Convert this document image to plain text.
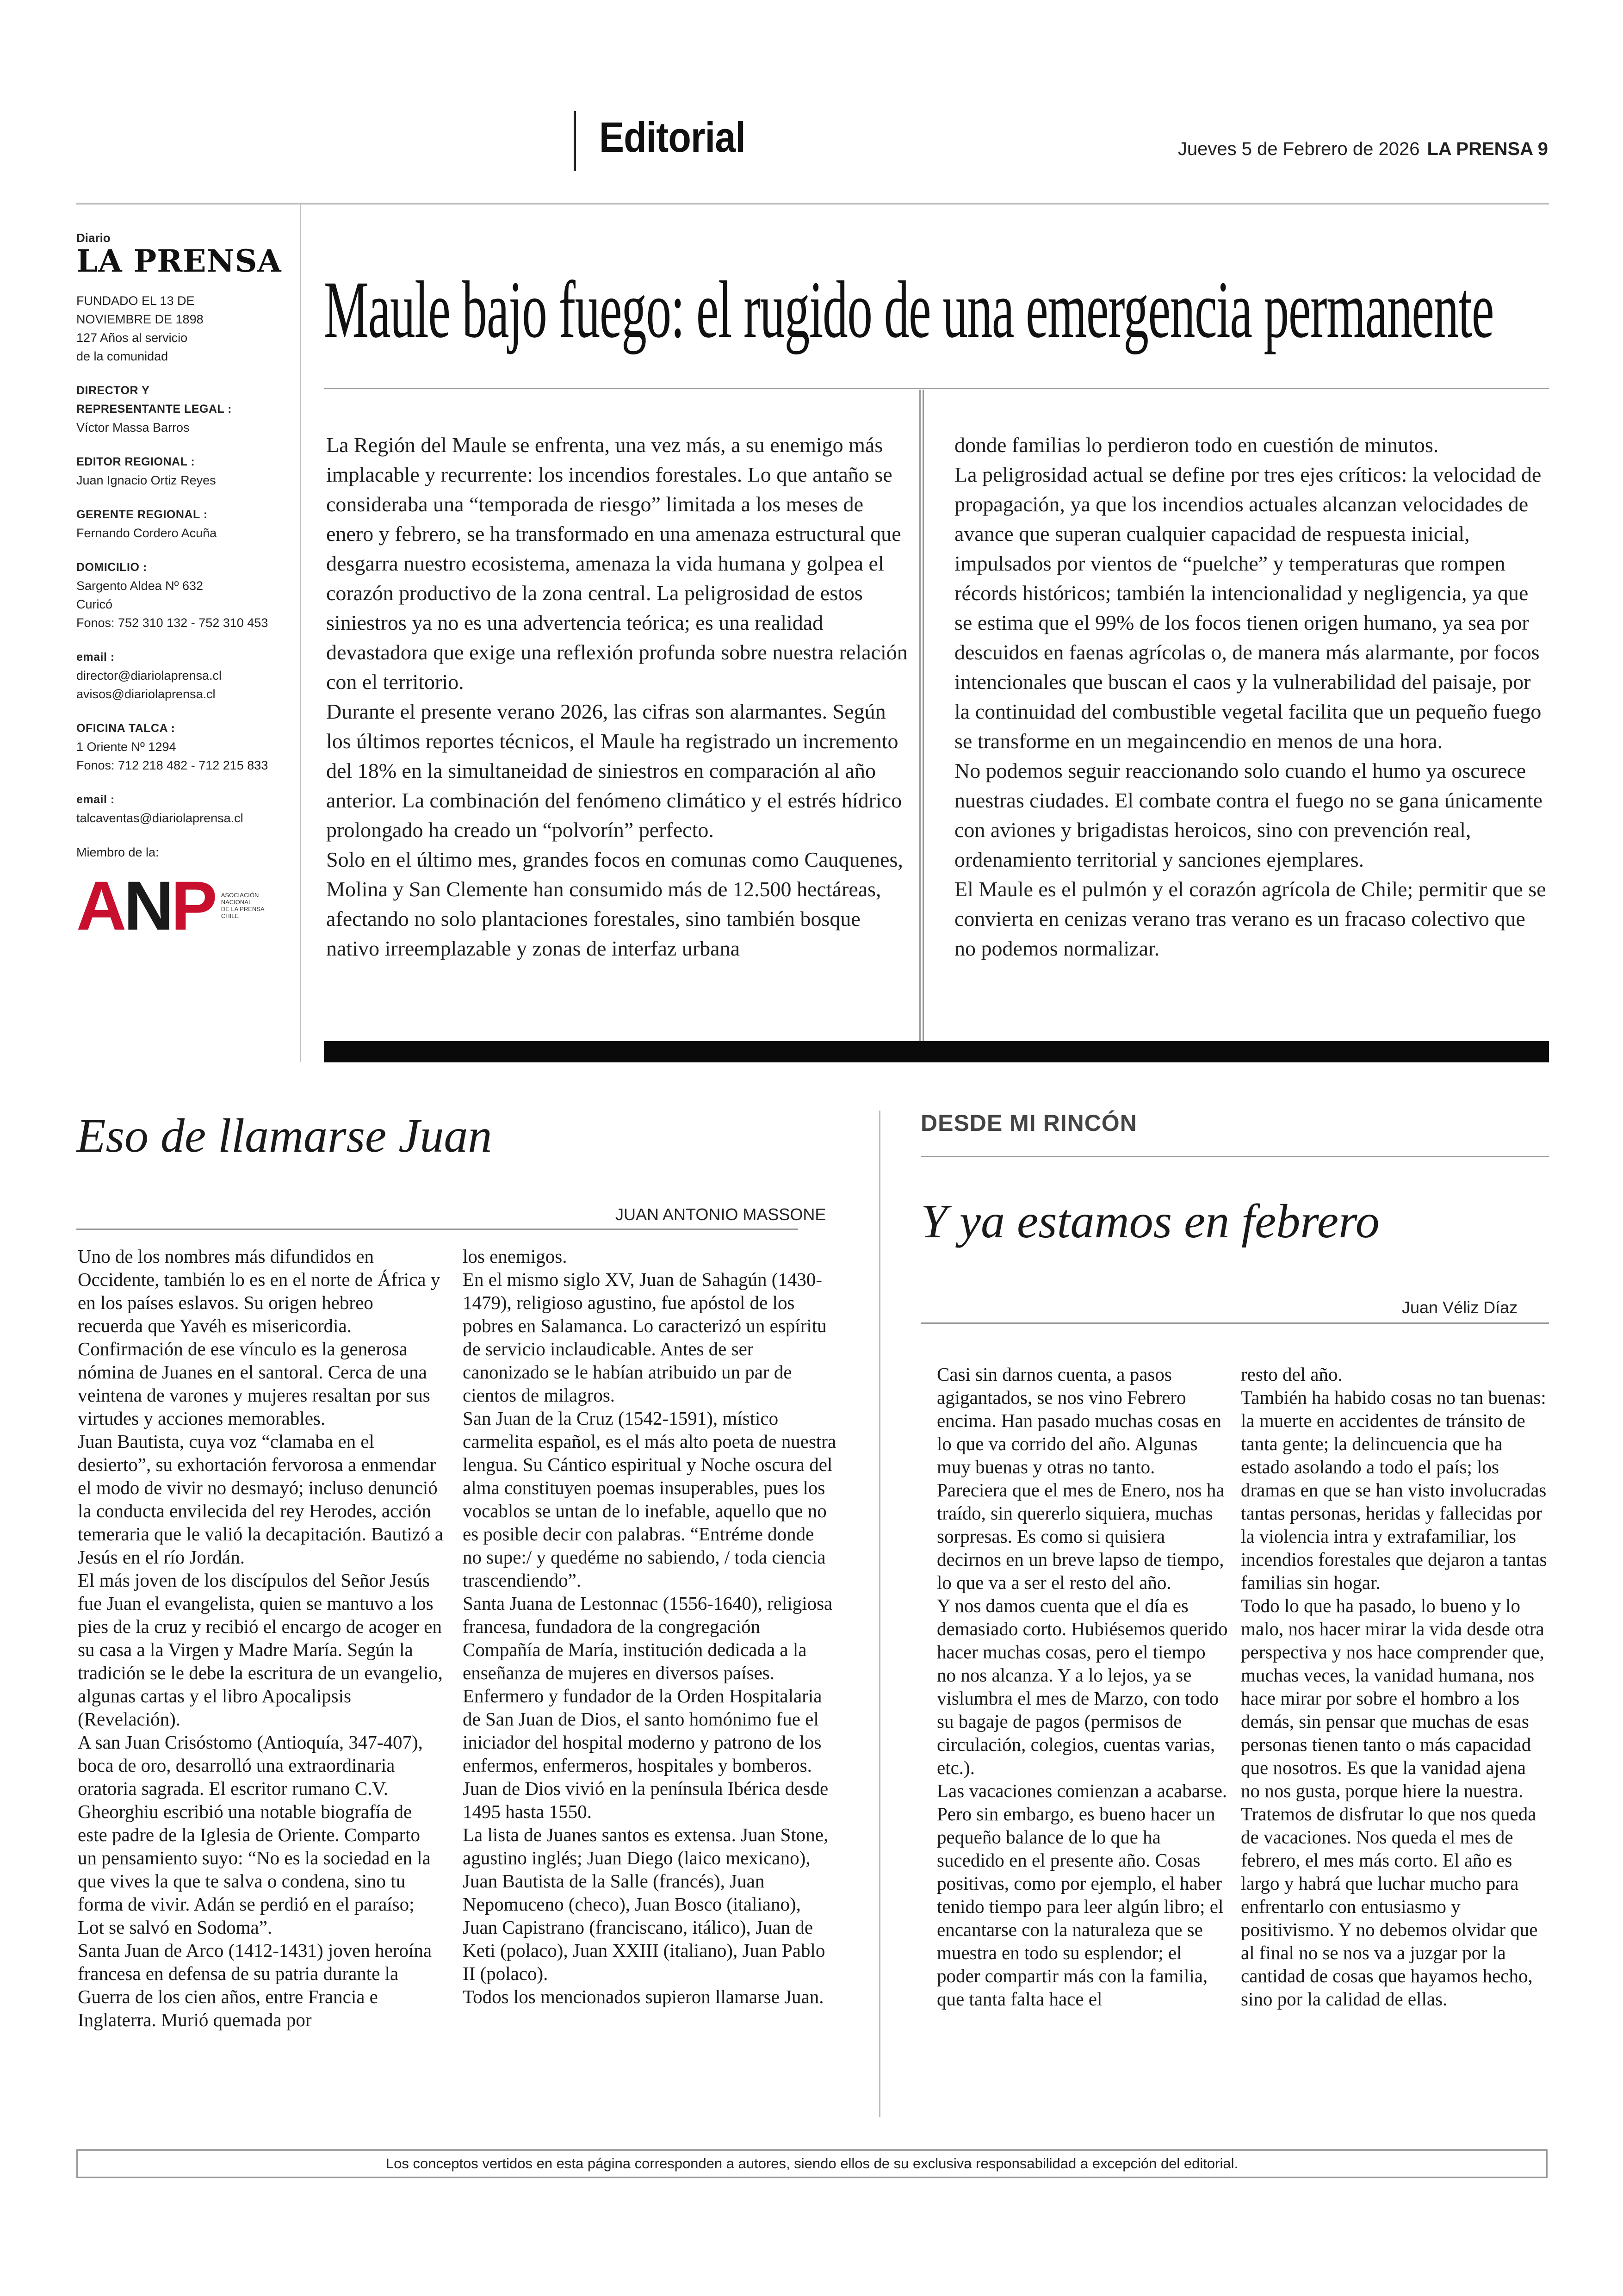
Editorial	Jueves 5 de Febrero de 2026 LA PRENSA 9
Diario
LA PRENSA
FUNDADO EL 13 DE
NOVIEMBRE DE 1898
127 Años al servicio
de la comunidad
DIRECTOR Y
REPRESENTANTE LEGAL :
Víctor Massa Barros
EDITOR REGIONAL :
Juan Ignacio Ortiz Reyes
GERENTE REGIONAL :
Fernando Cordero Acuña
DOMICILIO :
Sargento Aldea Nº 632
Curicó
Fonos: 752 310 132 - 752 310 453
email :
director@diariolaprensa.cl
avisos@diariolaprensa.cl
OFICINA TALCA :
1 Oriente Nº 1294
Fonos: 712 218 482 - 712 215 833
email :
talcaventas@diariolaprensa.cl
Miembro de la:
ANP ASOCIACIÓN
NACIONAL
DE LA PRENSA
CHILE
Maule bajo fuego: el rugido de una emergencia permanente

La Región del Maule se enfrenta, una vez más, a su enemigo más implacable y recurrente: los incendios forestales. Lo que antaño se consideraba una “temporada de riesgo” limitada a los meses de enero y febrero, se ha transformado en una amenaza estructural que desgarra nuestro ecosistema, amenaza la vida humana y golpea el corazón productivo de la zona central. La peligrosidad de estos siniestros ya no es una advertencia teórica; es una realidad devastadora que exige una reflexión profunda sobre nuestra relación con el territorio.

Durante el presente verano 2026, las cifras son alarmantes. Según los últimos reportes técnicos, el Maule ha registrado un incremento del 18% en la simultaneidad de siniestros en comparación al año anterior. La combinación del fenómeno climático y el estrés hídrico prolongado ha creado un “polvorín” perfecto.

Solo en el último mes, grandes focos en comunas como Cauquenes, Molina y San Clemente han consumido más de 12.500 hectáreas, afectando no solo plantaciones forestales, sino también bosque nativo irreemplazable y zonas de interfaz urbana

donde familias lo perdieron todo en cuestión de minutos.

La peligrosidad actual se define por tres ejes críticos: la velocidad de propagación, ya que los incendios actuales alcanzan velocidades de avance que superan cualquier capacidad de respuesta inicial, impulsados por vientos de “puelche” y temperaturas que rompen récords históricos; también la intencionalidad y negligencia, ya que se estima que el 99% de los focos tienen origen humano, ya sea por descuidos en faenas agrícolas o, de manera más alarmante, por focos intencionales que buscan el caos y la vulnerabilidad del paisaje, por la continuidad del combustible vegetal facilita que un pequeño fuego se transforme en un megaincendio en menos de una hora.

No podemos seguir reaccionando solo cuando el humo ya oscurece nuestras ciudades. El combate contra el fuego no se gana únicamente con aviones y brigadistas heroicos, sino con prevención real, ordenamiento territorial y sanciones ejemplares.

El Maule es el pulmón y el corazón agrícola de Chile; permitir que se convierta en cenizas verano tras verano es un fracaso colectivo que no podemos normalizar.

Eso de llamarse Juan
JUAN ANTONIO MASSONE

Uno de los nombres más difundidos en Occidente, también lo es en el norte de África y en los países eslavos. Su origen hebreo recuerda que Yavéh es misericordia. Confirmación de ese vínculo es la generosa nómina de Juanes en el santoral. Cerca de una veintena de varones y mujeres resaltan por sus virtudes y acciones memorables.

Juan Bautista, cuya voz “clamaba en el desierto”, su exhortación fervorosa a enmendar el modo de vivir no desmayó; incluso denunció la conducta envilecida del rey Herodes, acción temeraria que le valió la decapitación. Bautizó a Jesús en el río Jordán.

El más joven de los discípulos del Señor Jesús fue Juan el evangelista, quien se mantuvo a los pies de la cruz y recibió el encargo de acoger en su casa a la Virgen y Madre María. Según la tradición se le debe la escritura de un evangelio, algunas cartas y el libro Apocalipsis (Revelación).

A san Juan Crisóstomo (Antioquía, 347-407), boca de oro, desarrolló una extraordinaria oratoria sagrada. El escritor rumano C.V. Gheorghiu escribió una notable biografía de este padre de la Iglesia de Oriente. Comparto un pensamiento suyo: “No es la sociedad en la que vives la que te salva o condena, sino tu forma de vivir. Adán se perdió en el paraíso; Lot se salvó en Sodoma”.

Santa Juan de Arco (1412-1431) joven heroína francesa en defensa de su patria durante la Guerra de los cien años, entre Francia e Inglaterra. Murió quemada por

los enemigos.

En el mismo siglo XV, Juan de Sahagún (1430-1479), religioso agustino, fue apóstol de los pobres en Salamanca. Lo caracterizó un espíritu de servicio inclaudicable. Antes de ser canonizado se le habían atribuido un par de cientos de milagros.

San Juan de la Cruz (1542-1591), místico carmelita español, es el más alto poeta de nuestra lengua. Su Cántico espiritual y Noche oscura del alma constituyen poemas insuperables, pues los vocablos se untan de lo inefable, aquello que no es posible decir con palabras. “Entréme donde no supe:/ y quedéme no sabiendo, / toda ciencia trascendiendo”.

Santa Juana de Lestonnac (1556-1640), religiosa francesa, fundadora de la congregación Compañía de María, institución dedicada a la enseñanza de mujeres en diversos países.

Enfermero y fundador de la Orden Hospitalaria de San Juan de Dios, el santo homónimo fue el iniciador del hospital moderno y patrono de los enfermos, enfermeros, hospitales y bomberos. Juan de Dios vivió en la península Ibérica desde 1495 hasta 1550.

La lista de Juanes santos es extensa. Juan Stone, agustino inglés; Juan Diego (laico mexicano), Juan Bautista de la Salle (francés), Juan Nepomuceno (checo), Juan Bosco (italiano), Juan Capistrano (franciscano, itálico), Juan de Keti (polaco), Juan XXIII (italiano), Juan Pablo II (polaco).

Todos los mencionados supieron llamarse Juan.

DESDE MI RINCÓN
Y ya estamos en febrero
Juan Véliz Díaz

Casi sin darnos cuenta, a pasos agigantados, se nos vino Febrero encima. Han pasado muchas cosas en lo que va corrido del año. Algunas muy buenas y otras no tanto.

Pareciera que el mes de Enero, nos ha traído, sin quererlo siquiera, muchas sorpresas. Es como si quisiera decirnos en un breve lapso de tiempo, lo que va a ser el resto del año.

Y nos damos cuenta que el día es demasiado corto. Hubiésemos querido hacer muchas cosas, pero el tiempo no nos alcanza. Y a lo lejos, ya se vislumbra el mes de Marzo, con todo su bagaje de pagos (permisos de circulación, colegios, cuentas varias, etc.).

Las vacaciones comienzan a acabarse.

Pero sin embargo, es bueno hacer un pequeño balance de lo que ha sucedido en el presente año. Cosas positivas, como por ejemplo, el haber tenido tiempo para leer algún libro; el encantarse con la naturaleza que se muestra en todo su esplendor; el poder compartir más con la familia, que tanta falta hace el

resto del año.

También ha habido cosas no tan buenas: la muerte en accidentes de tránsito de tanta gente; la delincuencia que ha estado asolando a todo el país; los dramas en que se han visto involucradas tantas personas, heridas y fallecidas por la violencia intra y extrafamiliar, los incendios forestales que dejaron a tantas familias sin hogar.

Todo lo que ha pasado, lo bueno y lo malo, nos hacer mirar la vida desde otra perspectiva y nos hace comprender que, muchas veces, la vanidad humana, nos hace mirar por sobre el hombro a los demás, sin pensar que muchas de esas personas tienen tanto o más capacidad que nosotros. Es que la vanidad ajena no nos gusta, porque hiere la nuestra.

Tratemos de disfrutar lo que nos queda de vacaciones. Nos queda el mes de febrero, el mes más corto. El año es largo y habrá que luchar mucho para enfrentarlo con entusiasmo y positivismo. Y no debemos olvidar que al final no se nos va a juzgar por la cantidad de cosas que hayamos hecho, sino por la calidad de ellas.

Los conceptos vertidos en esta página corresponden a autores, siendo ellos de su exclusiva responsabilidad a excepción del editorial.
